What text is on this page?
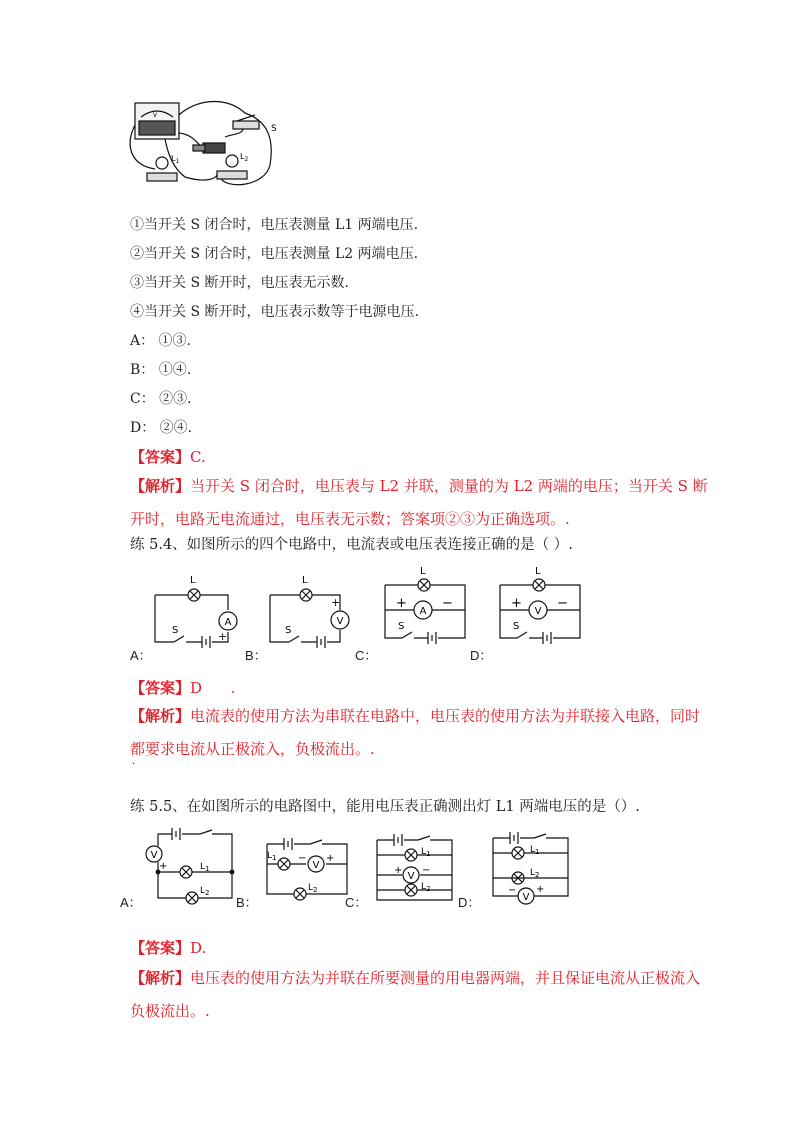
V
S
$L_1$
$L_2$
①当开关 S 闭合时，电压表测量 L1 两端电压.
②当开关 S 闭合时，电压表测量 L2 两端电压.
③当开关 S 断开时，电压表无示数.
④当开关 S 断开时，电压表示数等于电源电压.
A： ①③.
B： ①④.
C： ②③.
D： ②④.
【答案】C.
【解析】当开关 S 闭合时，电压表与 L2 并联，测量的为 L2 两端的电压；当开关 S 断开时，电路无电流通过，电压表无示数；答案项②③为正确选项。.
练 5.4、如图所示的四个电路中，电流表或电压表连接正确的是（ ）.
L
A
S	+
A：
L
V
S
+
B：
L
A
+	−
S
C：
L
V
+	−
S
D：
【答案】D      .
【解析】电流表的使用方法为串联在电路中，电压表的使用方法为并联接入电路，同时都要求电流从正极流入，负极流出。.
.
练 5.5、在如图所示的电路图中，能用电压表正确测出灯 L1 两端电压的是（）.
V
+	$L_1$
$L_2$
A：
$L_1$ −
V
+
$L_2$
B：
$L_1$
+
V
−
$L_2$
C：
$L_1$
$L_2$
−
V
+
D：
【答案】D.
【解析】电压表的使用方法为并联在所要测量的用电器两端，并且保证电流从正极流入负极流出。.
